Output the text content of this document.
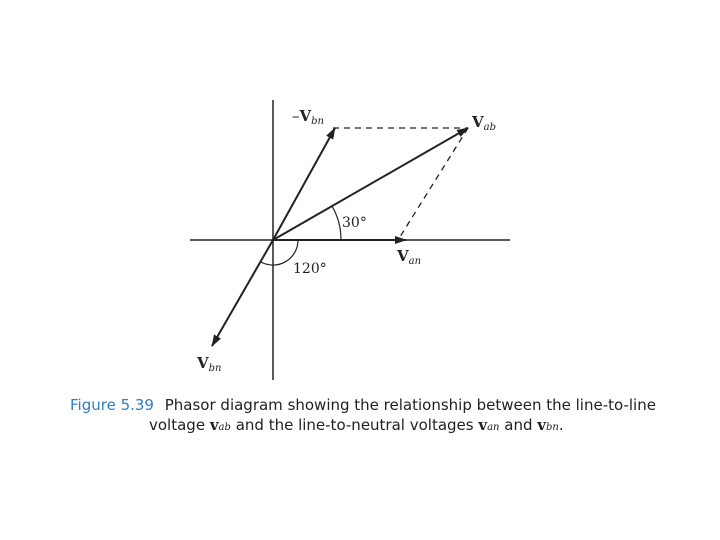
$-V_{bn}$	$V_{ab}$
$V_{an}$
$V_{bn}$
30°
120°
Figure 5.39 Phasor diagram showing the relationship between the line-to-line
voltage vab and the line-to-neutral voltages van and vbn.
